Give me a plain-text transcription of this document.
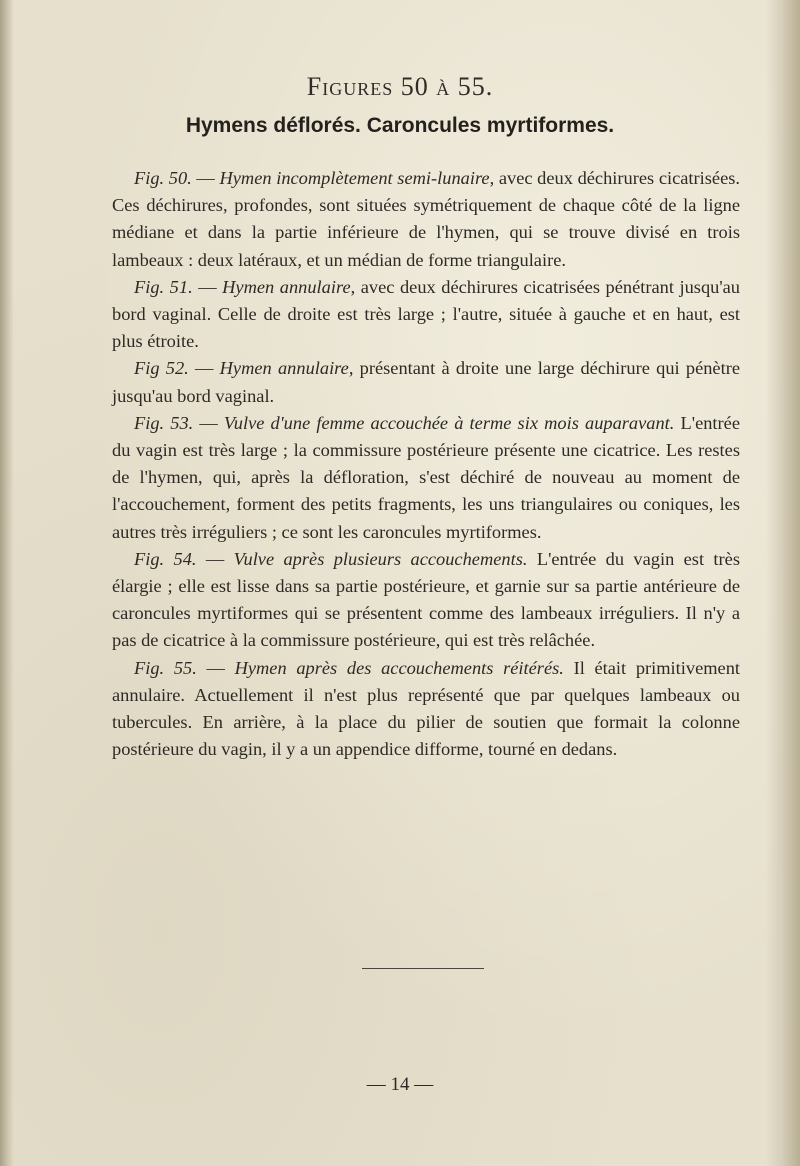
Figures 50 à 55.
Hymens déflorés. Caroncules myrtiformes.

Fig. 50. — Hymen incomplètement semi-lunaire, avec deux déchirures cicatrisées. Ces déchirures, profondes, sont situées symétriquement de chaque côté de la ligne médiane et dans la partie inférieure de l'hymen, qui se trouve divisé en trois lambeaux : deux latéraux, et un médian de forme triangulaire.

Fig. 51. — Hymen annulaire, avec deux déchirures cicatrisées pénétrant jusqu'au bord vaginal. Celle de droite est très large ; l'autre, située à gauche et en haut, est plus étroite.

Fig 52. — Hymen annulaire, présentant à droite une large déchirure qui pénètre jusqu'au bord vaginal.

Fig. 53. — Vulve d'une femme accouchée à terme six mois auparavant. L'entrée du vagin est très large ; la commissure postérieure présente une cicatrice. Les restes de l'hymen, qui, après la défloration, s'est déchiré de nouveau au moment de l'accouchement, forment des petits fragments, les uns triangulaires ou coniques, les autres très irréguliers ; ce sont les caroncules myrtiformes.

Fig. 54. — Vulve après plusieurs accouchements. L'entrée du vagin est très élargie ; elle est lisse dans sa partie postérieure, et garnie sur sa partie antérieure de caroncules myrtiformes qui se présentent comme des lambeaux irréguliers. Il n'y a pas de cicatrice à la commissure postérieure, qui est très relâchée.

Fig. 55. — Hymen après des accouchements réitérés. Il était primitivement annulaire. Actuellement il n'est plus représenté que par quelques lambeaux ou tubercules. En arrière, à la place du pilier de soutien que formait la colonne postérieure du vagin, il y a un appendice difforme, tourné en dedans.

— 14 —
